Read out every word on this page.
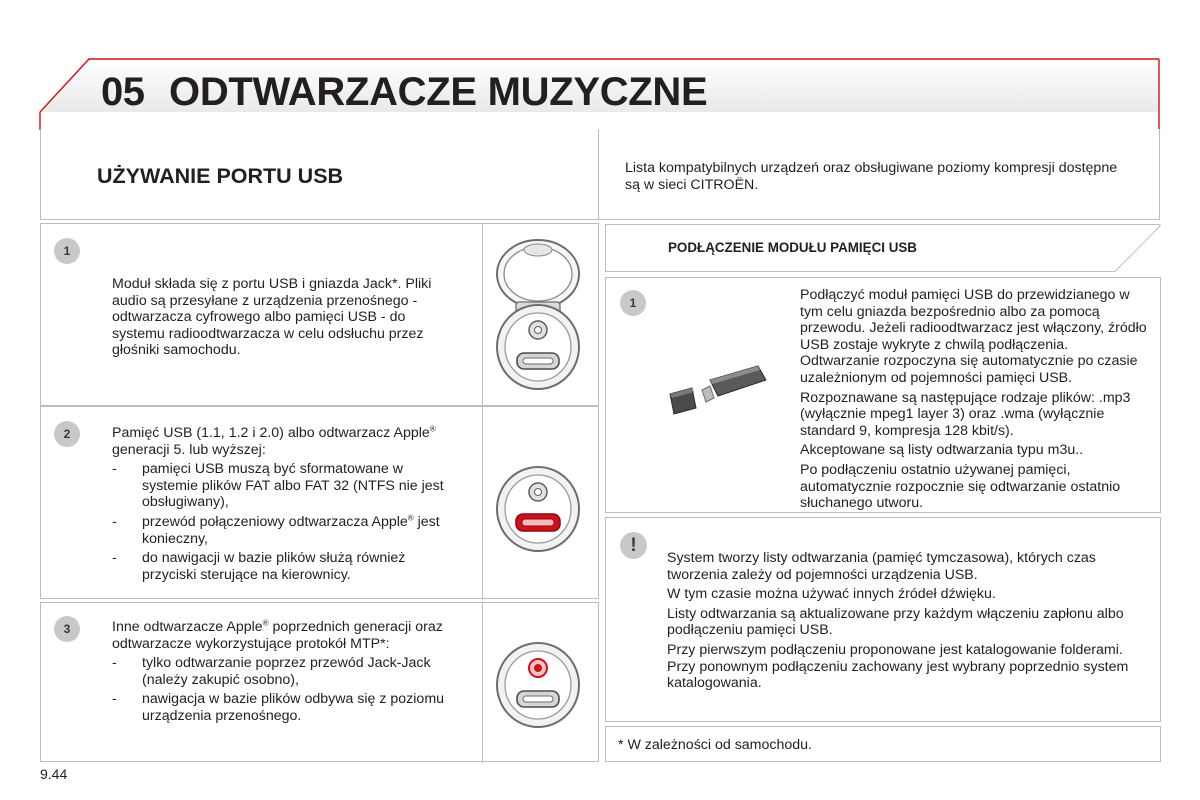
05 ODTWARZACZE MUZYCZNE
UŻYWANIE PORTU USB	Lista kompatybilnych urządzeń oraz obsługiwane poziomy kompresji dostępne są w sieci CITROËN.
1
Moduł składa się z portu USB i gniazda Jack*. Pliki audio są przesyłane z urządzenia przenośnego - odtwarzacza cyfrowego albo pamięci USB - do systemu radioodtwarzacza w celu odsłuchu przez głośniki samochodu.
2	Pamięć USB (1.1, 1.2 i 2.0) albo odtwarzacz Apple® generacji 5. lub wyższej:

-	pamięci USB muszą być sformatowane w systemie plików FAT albo FAT 32 (NTFS nie jest obsługiwany),
-	przewód połączeniowy odtwarzacza Apple® jest konieczny,
-	do nawigacji w bazie plików służą również przyciski sterujące na kierownicy.
3	Inne odtwarzacze Apple® poprzednich generacji oraz odtwarzacze wykorzystujące protokół MTP*:

-	tylko odtwarzanie poprzez przewód Jack-Jack (należy zakupić osobno),
-	nawigacja w bazie plików odbywa się z poziomu urządzenia przenośnego.
9.44
PODŁĄCZENIE MODUŁU PAMIĘCI USB
1	Podłączyć moduł pamięci USB do przewidzianego w tym celu gniazda bezpośrednio albo za pomocą przewodu. Jeżeli radioodtwarzacz jest włączony, źródło USB zostaje wykryte z chwilą podłączenia. Odtwarzanie rozpoczyna się automatycznie po czasie uzależnionym od pojemności pamięci USB.

Rozpoznawane są następujące rodzaje plików: .mp3 (wyłącznie mpeg1 layer 3) oraz .wma (wyłącznie standard 9, kompresja 128 kbit/s).

Akceptowane są listy odtwarzania typu m3u..

Po podłączeniu ostatnio używanej pamięci, automatycznie rozpocznie się odtwarzanie ostatnio słuchanego utworu.

!

System tworzy listy odtwarzania (pamięć tymczasowa), których czas tworzenia zależy od pojemności urządzenia USB.

W tym czasie można używać innych źródeł dźwięku.

Listy odtwarzania są aktualizowane przy każdym włączeniu zapłonu albo podłączeniu pamięci USB.

Przy pierwszym podłączeniu proponowane jest katalogowanie folderami. Przy ponownym podłączeniu zachowany jest wybrany poprzednio system katalogowania.

* W zależności od samochodu.
